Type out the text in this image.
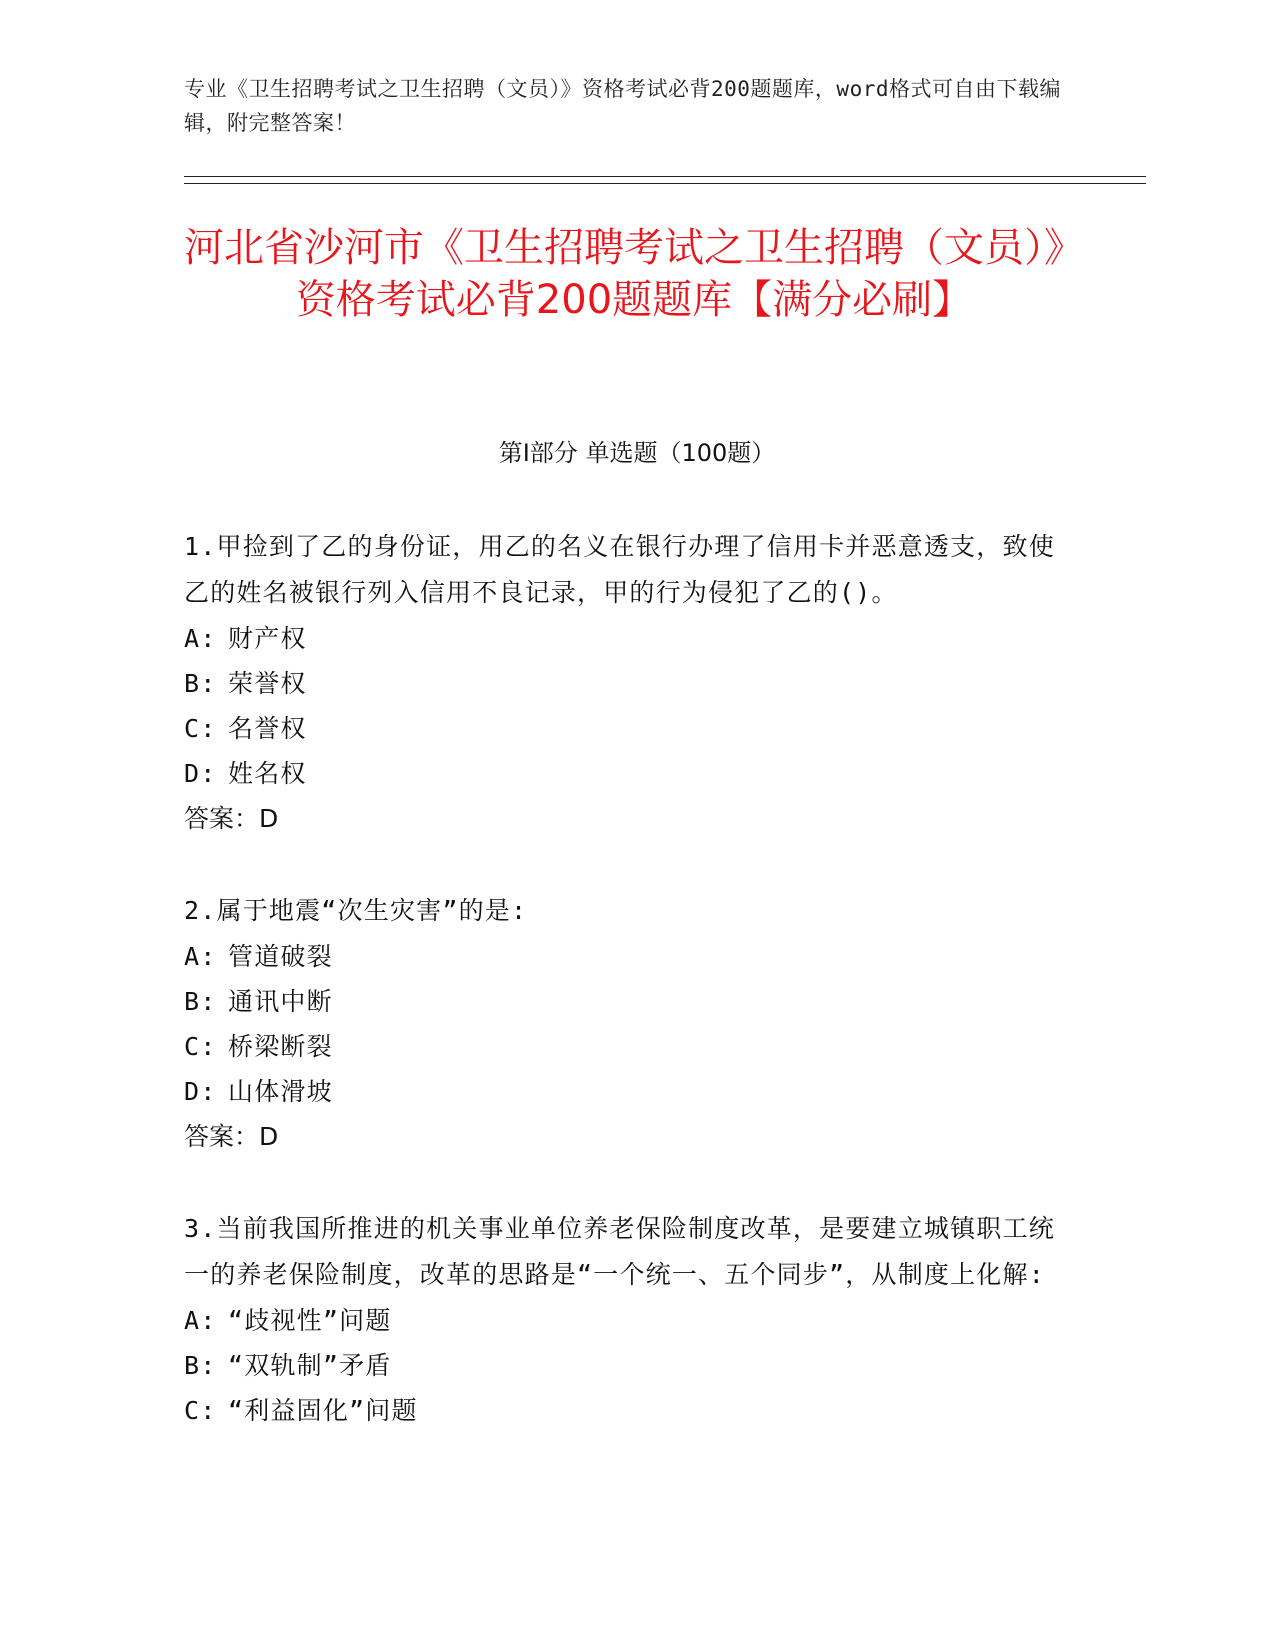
专业《卫生招聘考试之卫生招聘（文员）》资格考试必背200题题库，word格式可自由下载编辑，附完整答案！
河北省沙河市《卫生招聘考试之卫生招聘（文员）》资格考试必背200题题库【满分必刷】
第I部分 单选题（100题）
1.甲捡到了乙的身份证，用乙的名义在银行办理了信用卡并恶意透支，致使乙的姓名被银行列入信用不良记录，甲的行为侵犯了乙的()。
A: 财产权
B: 荣誉权
C: 名誉权
D: 姓名权
答案：D
2.属于地震“次生灾害”的是:
A: 管道破裂
B: 通讯中断
C: 桥梁断裂
D: 山体滑坡
答案：D
3.当前我国所推进的机关事业单位养老保险制度改革，是要建立城镇职工统一的养老保险制度，改革的思路是“一个统一、五个同步”，从制度上化解:
A: “歧视性”问题
B: “双轨制”矛盾
C: “利益固化”问题
